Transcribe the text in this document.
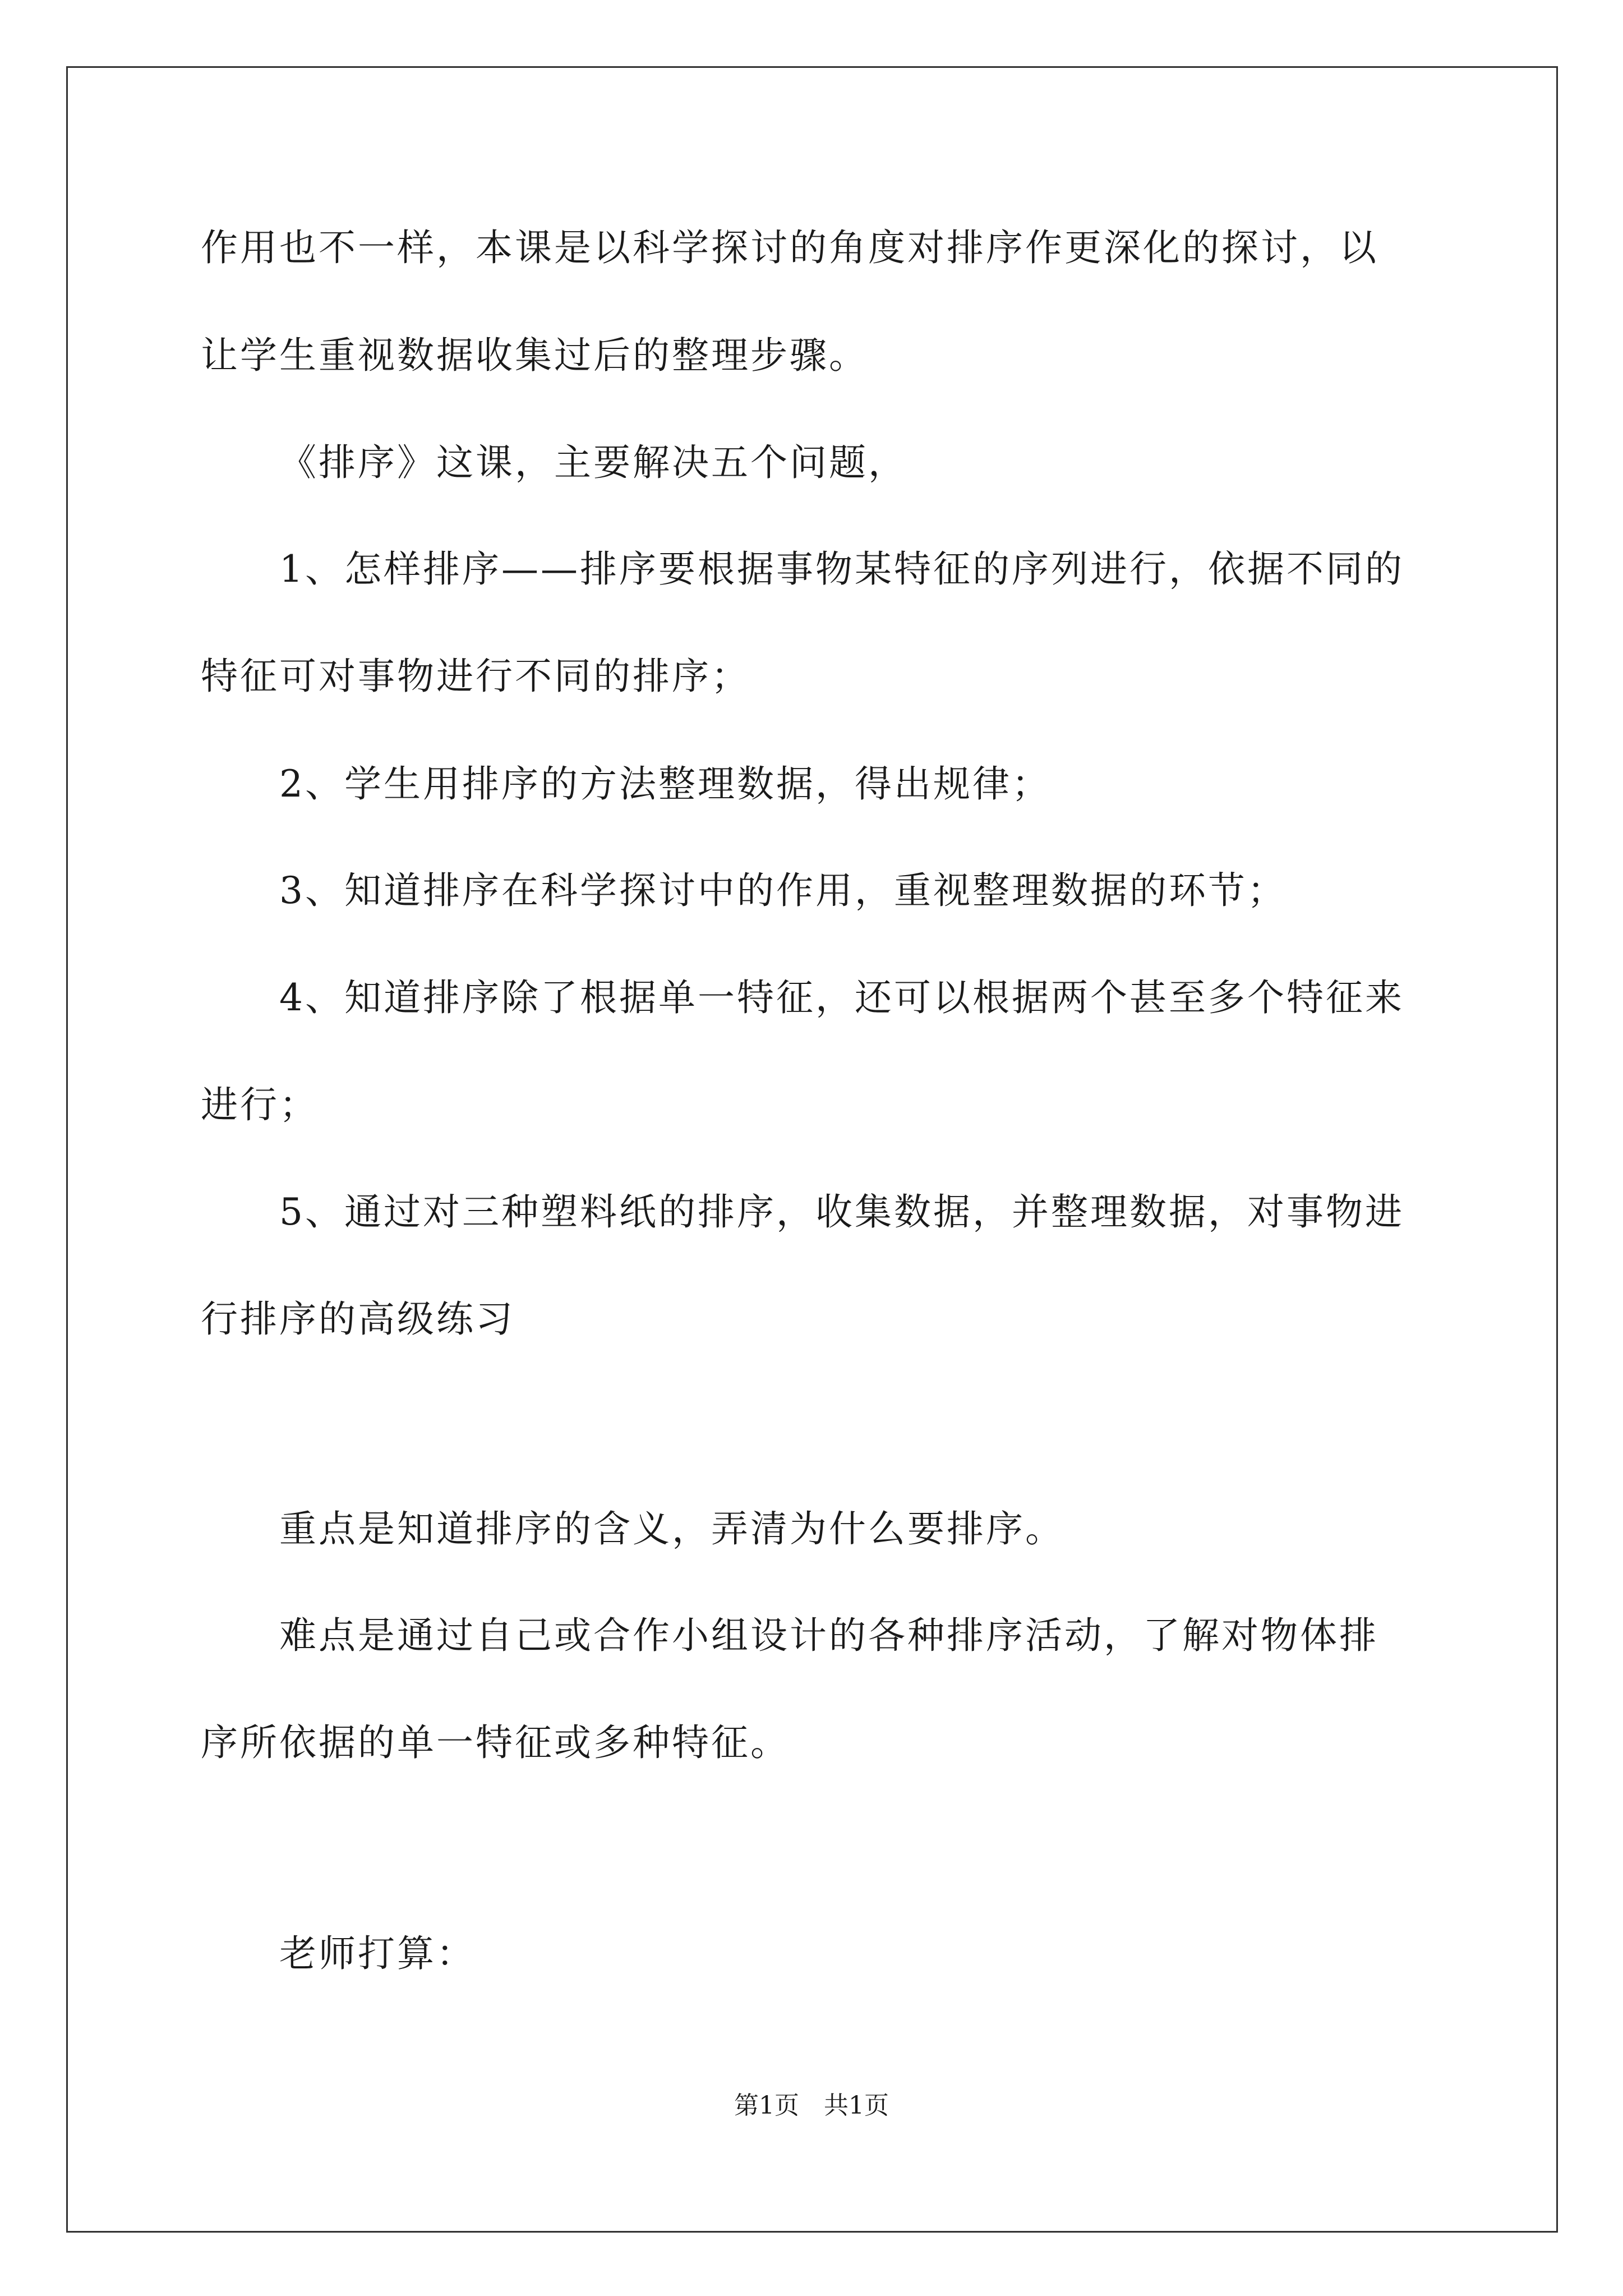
作用也不一样，本课是以科学探讨的角度对排序作更深化的探讨，以
让学生重视数据收集过后的整理步骤。
《排序》这课，主要解决五个问题，
1、怎样排序——排序要根据事物某特征的序列进行，依据不同的
特征可对事物进行不同的排序；
2、学生用排序的方法整理数据，得出规律；
3、知道排序在科学探讨中的作用，重视整理数据的环节；
4、知道排序除了根据单一特征，还可以根据两个甚至多个特征来
进行；
5、通过对三种塑料纸的排序，收集数据，并整理数据，对事物进
行排序的高级练习
重点是知道排序的含义，弄清为什么要排序。
难点是通过自己或合作小组设计的各种排序活动，了解对物体排
序所依据的单一特征或多种特征。
老师打算：
第1页　共1页
